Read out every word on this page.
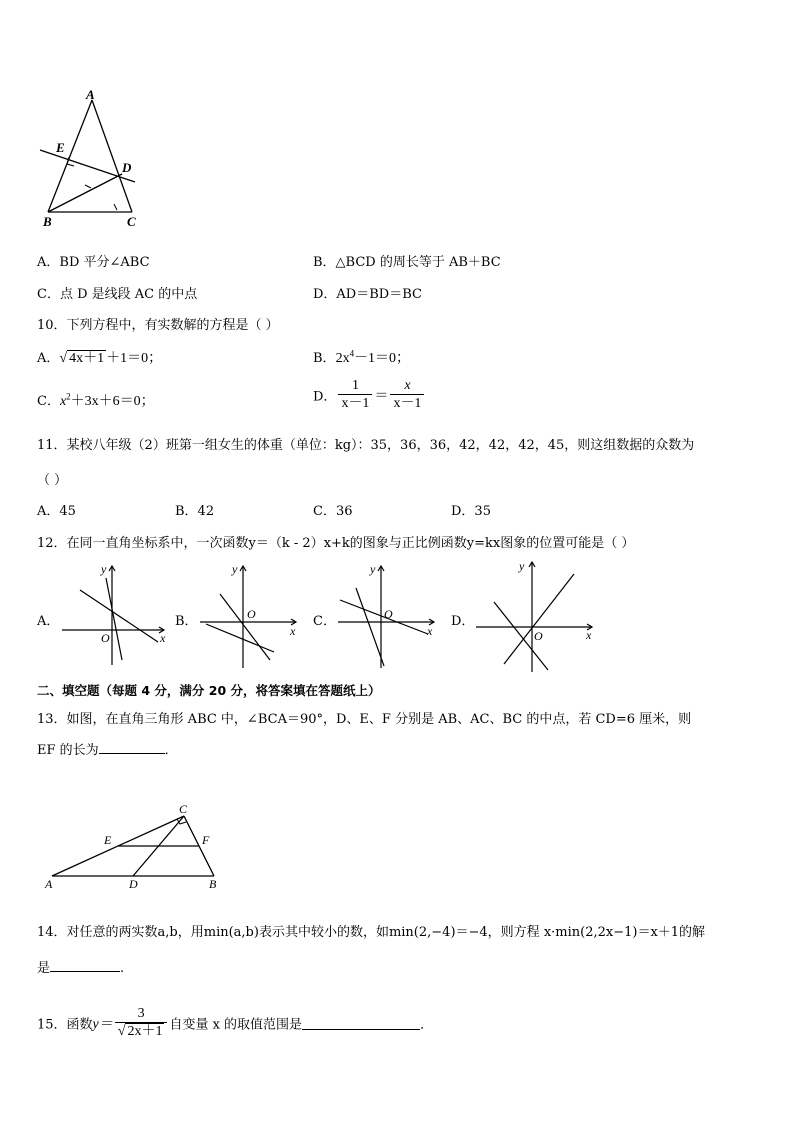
A
E
D
B	C
A．BD 平分∠ABC	B．△BCD 的周长等于 AB＋BC
C．点 D 是线段 AC 的中点	D．AD＝BD＝BC
10．下列方程中，有实数解的方程是（ ）
A．√ 4x＋1 ＋1＝0；	B．$2x^4-1=0$；
C．$x^2+3x+6=0$；	D． $\frac{1}{x-1} = \frac{x}{x-1}$
11．某校八年级（2）班第一组女生的体重（单位：kg）：35，36，36，42，42，42，45，则这组数据的众数为
（ ）
A．45	B．42	C．36	D．35
12．在同一直角坐标系中，一次函数y＝（k - 2）x+k的图象与正比例函数y=kx图象的位置可能是（ ）
A．
y
x
O
B．
y
x
O	C．
y
x
O	D．
y
x
O
二、填空题（每题 4 分，满分 20 分，将答案填在答题纸上）
13．如图，在直角三角形 ABC 中，∠BCA＝90°，D、E、F 分别是 AB、AC、BC 的中点，若 CD=6 厘米，则
EF 的长为	．
C
E	F
A	D	B
14．对任意的两实数a,b，用min(a,b)表示其中较小的数，如min(2,−4)＝−4，则方程 x·min(2,2x−1)＝x＋1的解
是	.
15．函数$y= \frac{3}{√ 2x+1}$ 自变量 x 的取值范围是	．
